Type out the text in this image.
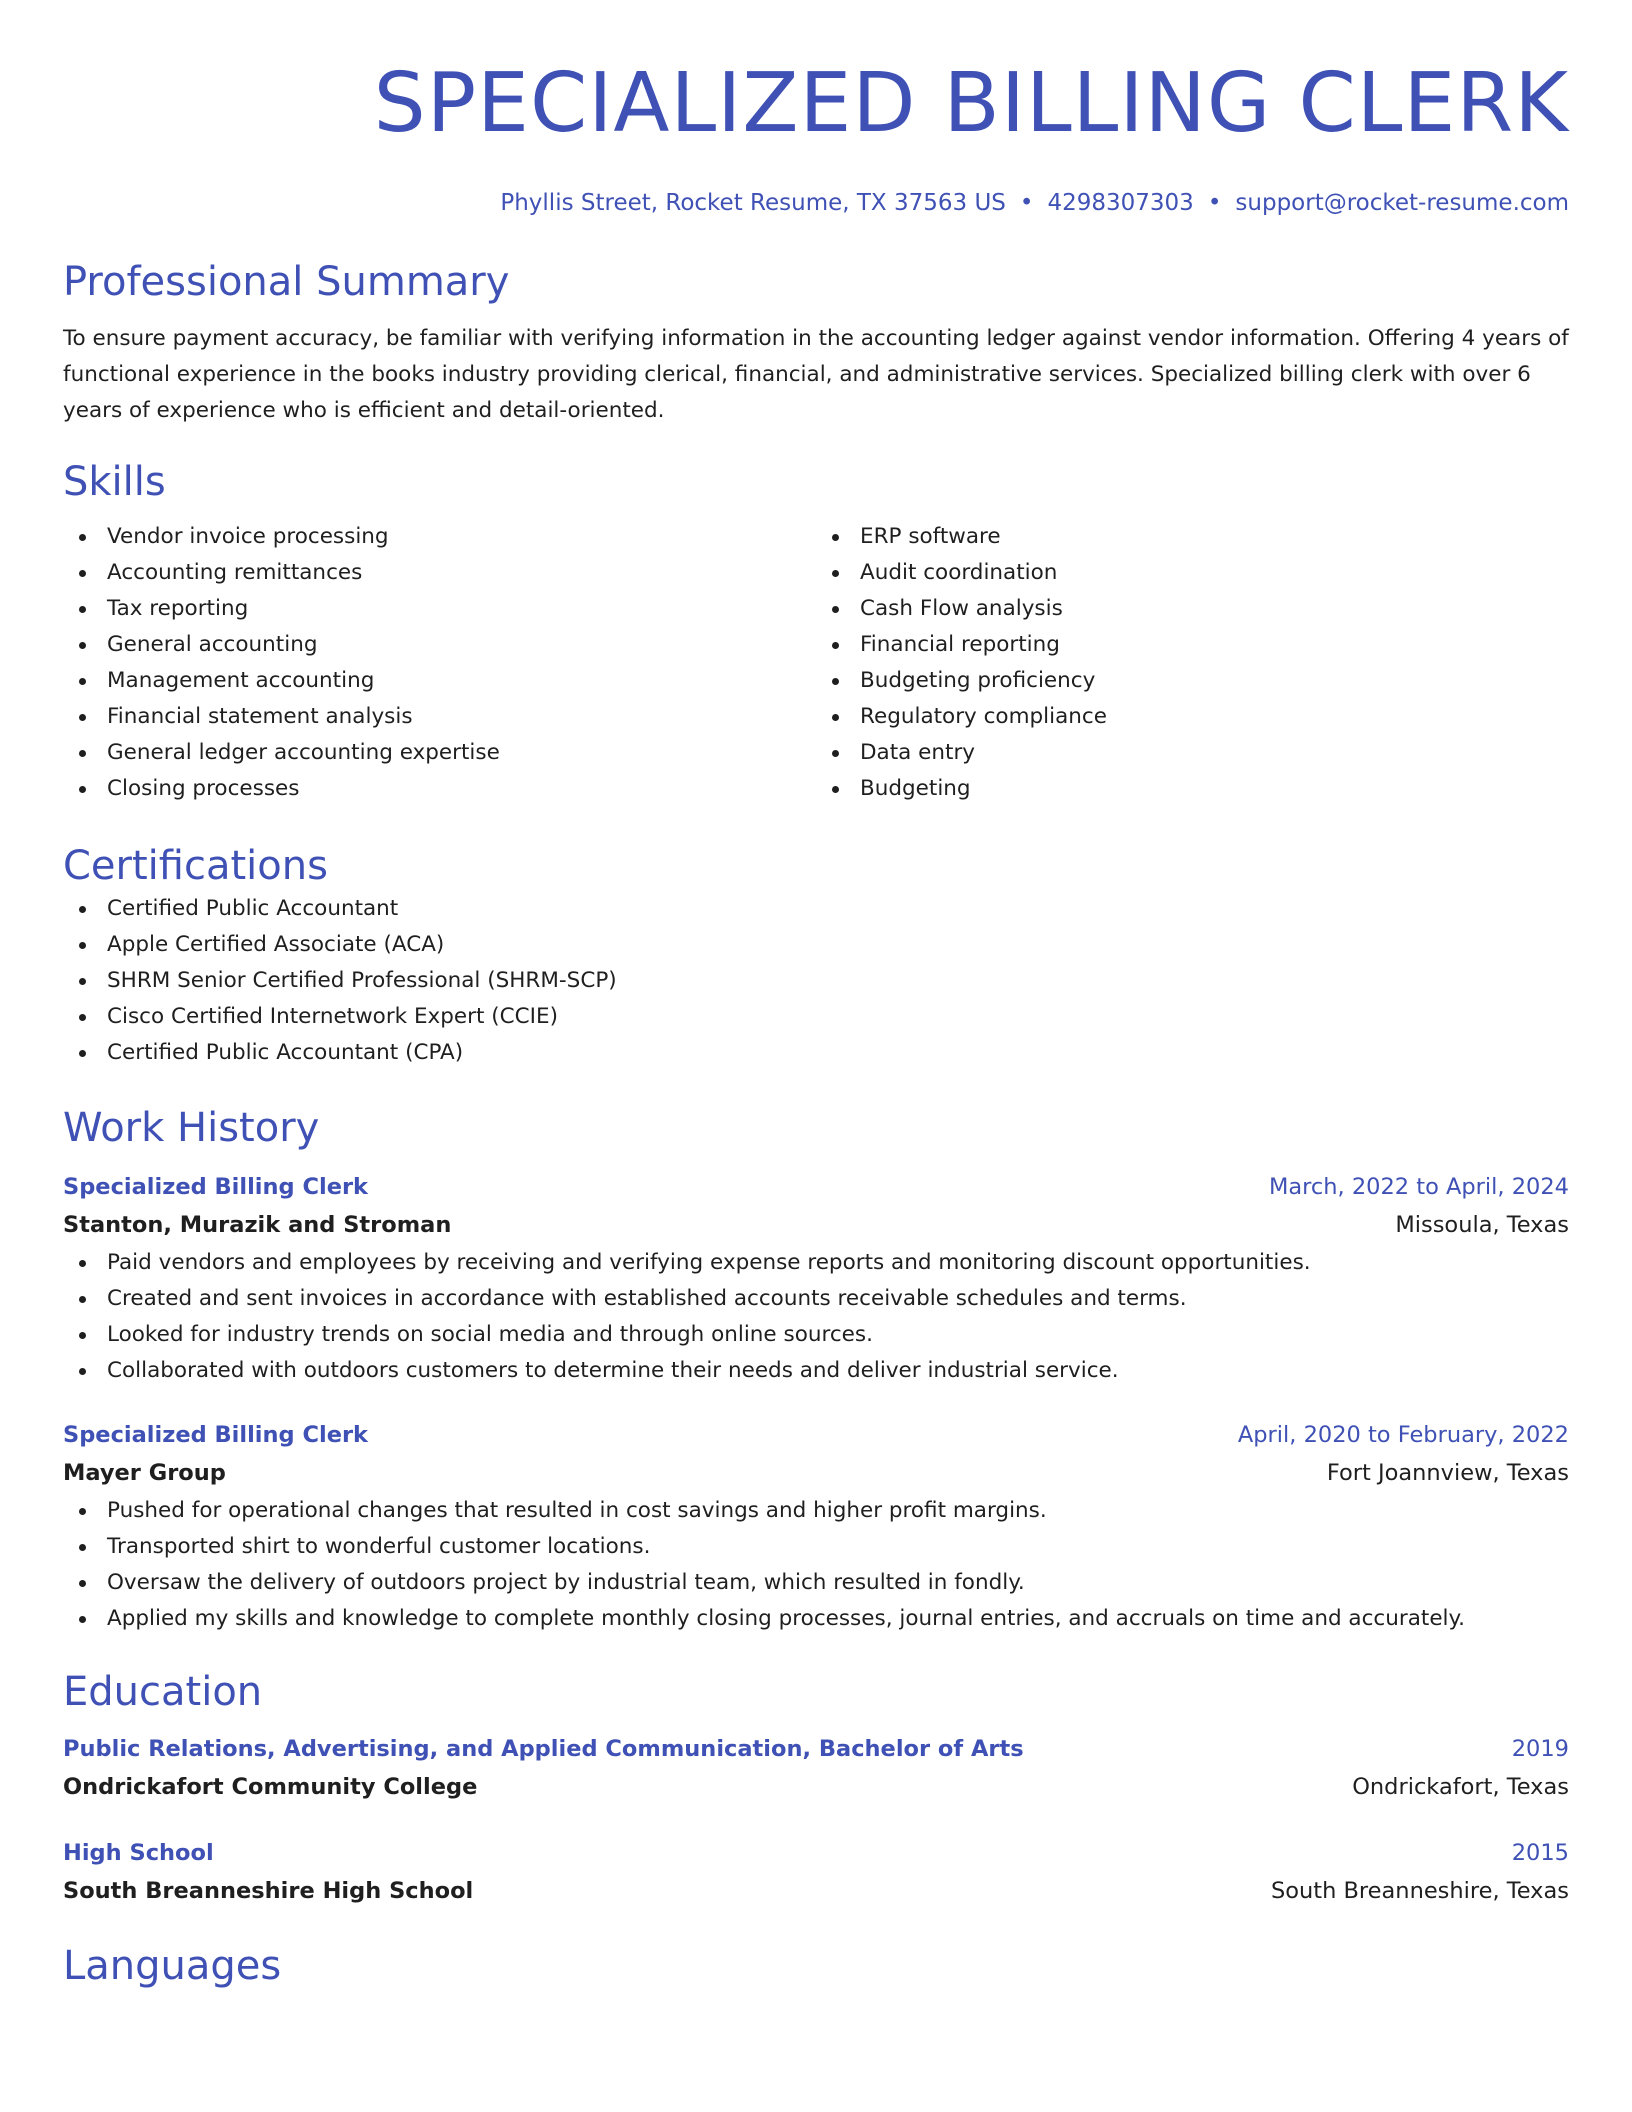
SPECIALIZED BILLING CLERK
Phyllis Street, Rocket Resume, TX 37563 US • 4298307303 • support@rocket-resume.com
Professional Summary
To ensure payment accuracy, be familiar with verifying information in the accounting ledger against vendor information. Offering 4 years of functional experience in the books industry providing clerical, financial, and administrative services. Specialized billing clerk with over 6 years of experience who is efficient and detail-oriented.
Skills
Vendor invoice processing
Accounting remittances
Tax reporting
General accounting
Management accounting
Financial statement analysis
General ledger accounting expertise
Closing processes
ERP software
Audit coordination
Cash Flow analysis
Financial reporting
Budgeting proficiency
Regulatory compliance
Data entry
Budgeting
Certifications
Certified Public Accountant
Apple Certified Associate (ACA)
SHRM Senior Certified Professional (SHRM-SCP)
Cisco Certified Internetwork Expert (CCIE)
Certified Public Accountant (CPA)
Work History
Specialized Billing Clerk	March, 2022 to April, 2024
Stanton, Murazik and Stroman	Missoula, Texas
Paid vendors and employees by receiving and verifying expense reports and monitoring discount opportunities.
Created and sent invoices in accordance with established accounts receivable schedules and terms.
Looked for industry trends on social media and through online sources.
Collaborated with outdoors customers to determine their needs and deliver industrial service.
Specialized Billing Clerk	April, 2020 to February, 2022
Mayer Group	Fort Joannview, Texas
Pushed for operational changes that resulted in cost savings and higher profit margins.
Transported shirt to wonderful customer locations.
Oversaw the delivery of outdoors project by industrial team, which resulted in fondly.
Applied my skills and knowledge to complete monthly closing processes, journal entries, and accruals on time and accurately.
Education
Public Relations, Advertising, and Applied Communication, Bachelor of Arts	2019
Ondrickafort Community College	Ondrickafort, Texas
High School	2015
South Breanneshire High School	South Breanneshire, Texas
Languages
